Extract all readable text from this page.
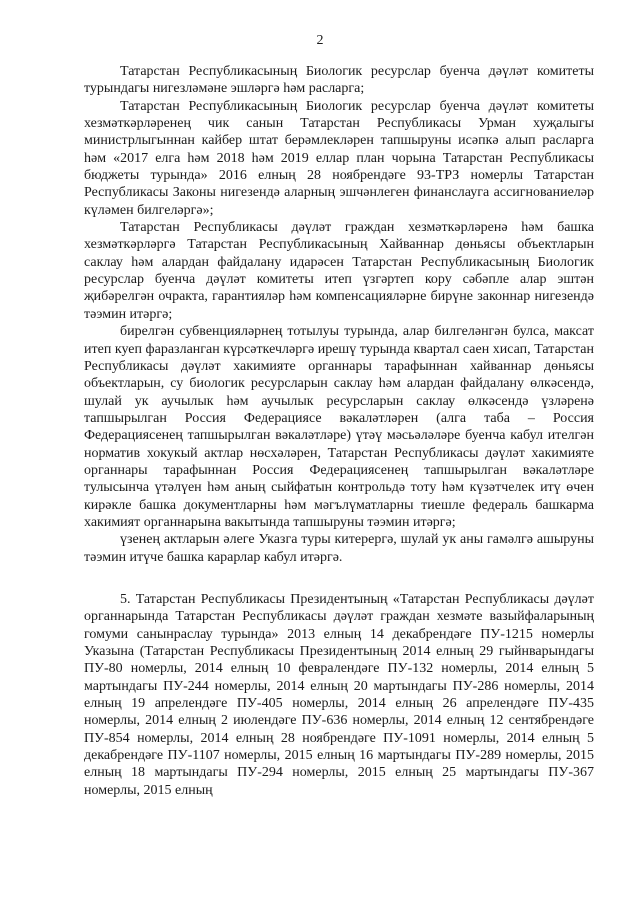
2

Татарстан Республикасының Биологик ресурслар буенча дәүләт комитеты турындагы нигезләмәне эшләргә һәм расларга;

Татарстан Республикасының Биологик ресурслар буенча дәүләт комитеты хезмәткәрләренең чик санын Татарстан Республикасы Урман хуҗалыгы министрлыгыннан кайбер штат берәмлекләрен тапшыруны исәпкә алып расларга һәм «2017 елга һәм 2018 һәм 2019 еллар план чорына Татарстан Республикасы бюджеты турында» 2016 елның 28 ноябрендәге 93-ТРЗ номерлы Татарстан Республикасы Законы нигезендә аларның эшчәнлеген финанслауга ассигнованиеләр күләмен билгеләргә»;

Татарстан Республикасы дәүләт граждан хезмәткәрләренә һәм башка хезмәткәрләргә Татарстан Республикасының Хайваннар дөньясы объектларын саклау һәм алардан файдалану идарәсен Татарстан Республикасының Биологик ресурслар буенча дәүләт комитеты итеп үзгәртеп кору сәбәпле алар эштән җибәрелгән очракта, гарантияләр һәм компенсацияләрне бирүне законнар нигезендә тәэмин итәргә;

бирелгән субвенцияләрнең тотылуы турында, алар билгеләнгән булса, максат итеп куеп фаразланган күрсәткечләргә ирешү турында квартал саен хисап, Татарстан Республикасы дәүләт хакимияте органнары тарафыннан хайваннар дөньясы объектларын, су биологик ресурсларын саклау һәм алардан файдалану өлкәсендә, шулай ук аучылык һәм аучылык ресурсларын саклау өлкәсендә үзләренә тапшырылган Россия Федерациясе вәкаләтләрен (алга таба – Россия Федерациясенең тапшырылган вәкаләтләре) үтәү мәсьәләләре буенча кабул ителгән норматив хокукый актлар нөсхәләрен, Татарстан Республикасы дәүләт хакимияте органнары тарафыннан Россия Федерациясенең тапшырылган вәкаләтләре тулысынча үтәлүен һәм аның сыйфатын контрольдә тоту һәм күзәтчелек итү өчен кирәкле башка документларны һәм мәгълүматларны тиешле федераль башкарма хакимият органнарына вакытында тапшыруны тәэмин итәргә;

үзенең актларын әлеге Указга туры китерергә, шулай ук аны гамәлгә ашыруны тәэмин итүче башка карарлар кабул итәргә.

5. Татарстан Республикасы Президентының «Татарстан Республикасы дәүләт органнарында Татарстан Республикасы дәүләт граждан хезмәте вазыйфаларының гомуми санынраслау турында» 2013 елның 14 декабрендәге ПУ-1215 номерлы Указына (Татарстан Республикасы Президентының 2014 елның 29 гыйнварындагы ПУ-80 номерлы, 2014 елның 10 февралендәге ПУ-132 номерлы, 2014 елның 5 мартындагы ПУ-244 номерлы, 2014 елның 20 мартындагы ПУ-286 номерлы, 2014 елның 19 апрелендәге ПУ-405 номерлы, 2014 елның 26 апрелендәге ПУ-435 номерлы, 2014 елның 2 июлендәге ПУ-636 номерлы, 2014 елның 12 сентябрендәге ПУ-854 номерлы, 2014 елның 28 ноябрендәге ПУ-1091 номерлы, 2014 елның 5 декабрендәге ПУ-1107 номерлы, 2015 елның 16 мартындагы ПУ-289 номерлы, 2015 елның 18 мартындагы ПУ-294 номерлы, 2015 елның 25 мартындагы ПУ-367 номерлы, 2015 елның
